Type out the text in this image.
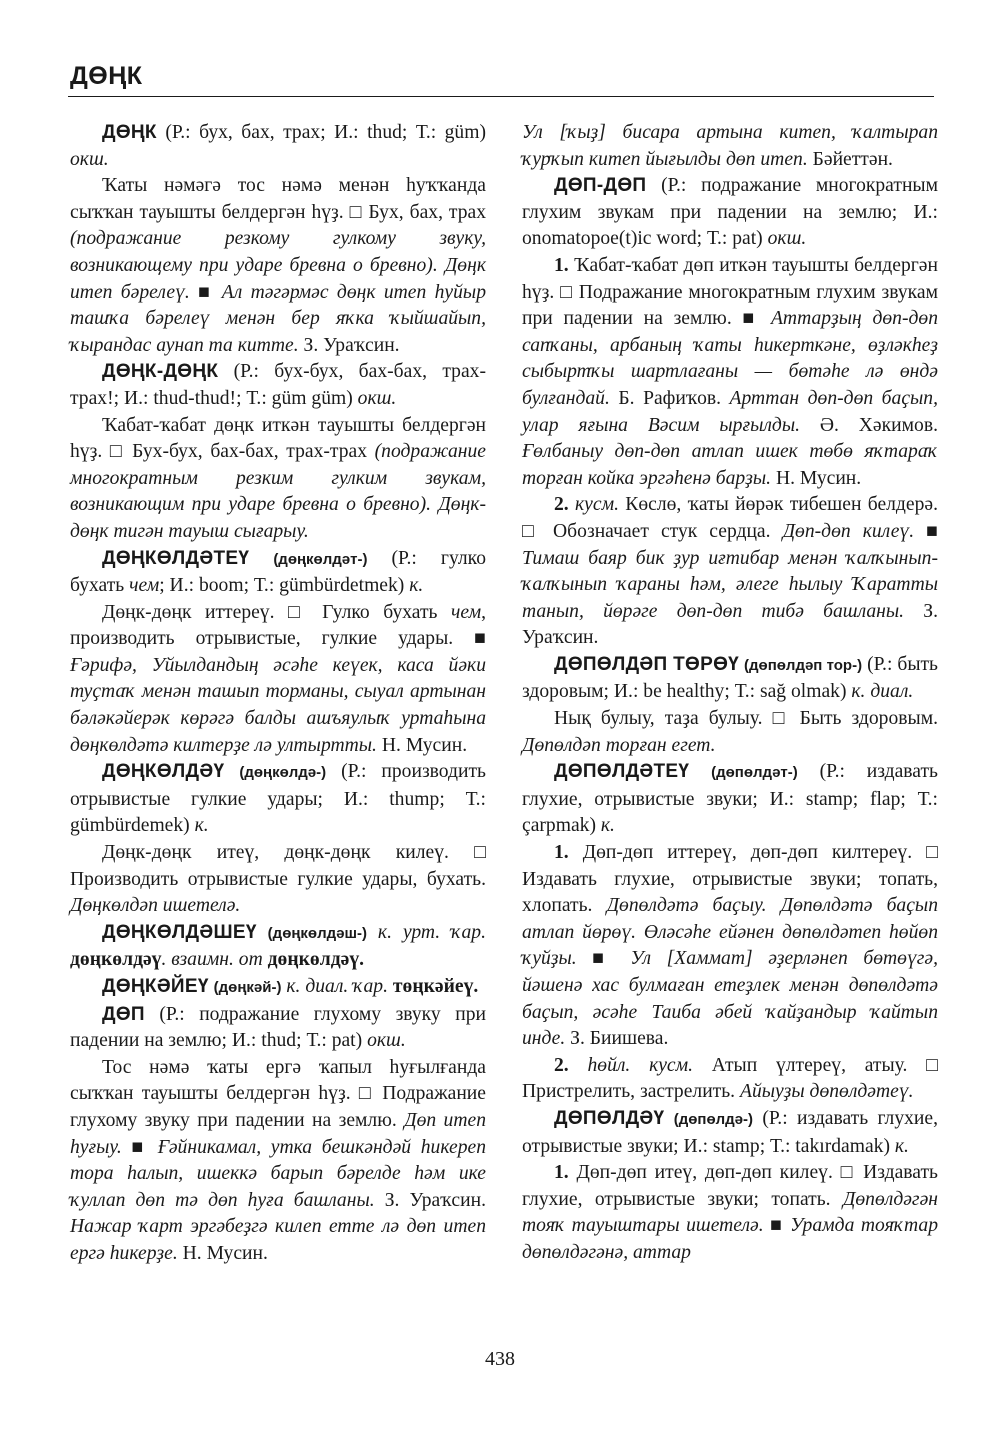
ДӨҢК

ДӨҢК (Р.: бух, бах, трах; И.: thud; Т.: güm) окш.

Ҡаты нәмәгә тос нәмә менән һуҡҡанда сыҡҡан тауышты белдергән һүҙ. □ Бух, бах, трах (подражание резкому гулкому звуку, возникающему при ударе бревна о бревно). Дөңк итеп бәрелеү. ■ Ал тәгәрмәс дөңк итеп һуйыр ташҡа бәрелеү менән бер яҡка ҡыйшайып, ҡырандас аунап та китте. З. Ураҡсин.

ДӨҢК-ДӨҢК (Р.: бух-бух, бах-бах, трах-трах!; И.: thud-thud!; Т.: güm güm) окш.

Ҡабат-ҡабат дөңк иткән тауышты белдергән һүҙ. □ Бух-бух, бах-бах, трах-трах (подражание многократным резким гулким звукам, возникающим при ударе бревна о бревно). Дөңк-дөңк тигән тауыш сығарыу.

ДӨҢКӨЛДӘТЕҮ (дөңкөлдәт-) (Р.: гулко бухать чем; И.: boom; Т.: gümbürdetmek) к.

Дөңк-дөңк иттереү. □ Гулко бухать чем, производить отрывистые, гулкие удары. ■ Ғәрифә, Уйылдандың әсәһе кеүек, каса йәки туҫтаҡ менән ташып торманы, сыуал артынан бәләкәйерәк көрәгә балды ашъяулыҡ уртаһына дөңкөлдәтә килтерҙе лә ултыртты. Н. Мусин.

ДӨҢКӨЛДӘҮ (дөңкөлдә-) (Р.: производить отрывистые гулкие удары; И.: thump; Т.: gümbürdemek) к.

Дөңк-дөңк итеү, дөңк-дөңк килеү. □ Производить отрывистые гулкие удары, бухать. Дөңкөлдәп ишетелә.

ДӨҢКӨЛДӘШЕҮ (дөңкөлдәш-) к. урт. ҡар. дөңкөлдәү. взаимн. от дөңкөлдәү.

ДӨҢКӘЙЕҮ (дөңкәй-) к. диал. ҡар. төңкәйеү.

ДӨП (Р.: подражание глухому звуку при падении на землю; И.: thud; Т.: pat) окш.

Тос нәмә ҡаты ергә ҡапыл һуғылғанда сыҡҡан тауышты белдергән һүҙ. □ Подражание глухому звуку при падении на землю. Дөп итеп һуғыу. ■ Ғәйникамал, утка бешкәндәй һикереп тора һалып, ишеккә барып бәрелде һәм ике ҡуллап дөп тә дөп һуға башланы. З. Ураҡсин. Нажар ҡарт эргәбеҙгә килеп етте лә дөп итеп ергә һикерҙе. Н. Мусин.

Ул [ҡыҙ] бисара артына китеп, ҡалтырап ҡурҡып китеп йығылды дөп итеп. Бәйеттән.

ДӨП-ДӨП (Р.: подражание многократным глухим звукам при падении на землю; И.: onomatopoe(t)ic word; Т.: pat) окш.

1. Ҡабат-ҡабат дөп иткән тауышты белдергән һүҙ. □ Подражание многократным глухим звукам при падении на землю. ■ Аттарҙың дөп-дөп сапҡаны, арбаның ҡаты һикерткәне, өҙләкһеҙ сыбыртҡы шартлағаны — бөтәһе лә өндә булғандай. Б. Рафиҡов. Арттан дөп-дөп баҫып, улар яғына Вәсим ырғылды. Ә. Хәкимов. Ғөлбаныу дөп-дөп атлап ишек төбө яҡтараҡ торған койка эргәһенә барҙы. Н. Мусин.

2. кусм. Көслө, ҡаты йөрәк тибешен белдерә. □ Обозначает стук сердца. Дөп-дөп килеү. ■ Тимаш баяр бик ҙур иғтибар менән ҡалҡынып-ҡалҡынып ҡараны һәм, әлеге һылыу Ҡаратты танып, йөрәге дөп-дөп тибә башланы. З. Ураҡсин.

ДӨПӨЛДӘП ТӨРӨҮ (дөпөлдәп тор-) (Р.: быть здоровым; И.: be healthy; Т.: sağ olmak) к. диал.

Нық булыу, таҙа булыу. □ Быть здоровым. Дөпөлдәп торған егет.

ДӨПӨЛДӘТЕҮ (дөпөлдәт-) (Р.: издавать глухие, отрывистые звуки; И.: stamp; flap; Т.: çarpmak) к.

1. Дөп-дөп иттереү, дөп-дөп килтереү. □ Издавать глухие, отрывистые звуки; топать, хлопать. Дөпөлдәтә баҫыу. Дөпөлдәтә баҫып атлап йөрөү. Өләсәһе ейәнен дөпөлдәтеп һөйөп ҡуйҙы. ■ Ул [Хаммат] әҙерләнеп бөтөүгә, йәшенә хас булмаған етеҙлек менән дөпөлдәтә баҫып, әсәһе Таиба әбей ҡайҙандыр ҡайтып инде. З. Биишева.

2. һөйл. кусм. Атып үлтереү, атыу. □ Пристрелить, застрелить. Айыуҙы дөпөлдәтеү.

ДӨПӨЛДӘҮ (дөпөлдә-) (Р.: издавать глухие, отрывистые звуки; И.: stamp; Т.: takırdamak) к.

1. Дөп-дөп итеү, дөп-дөп килеү. □ Издавать глухие, отрывистые звуки; топать. Дөпөлдәгән тояҡ тауыштары ишетелә. ■ Урамда тояҡтар дөпөлдәгәнә, аттар

438
